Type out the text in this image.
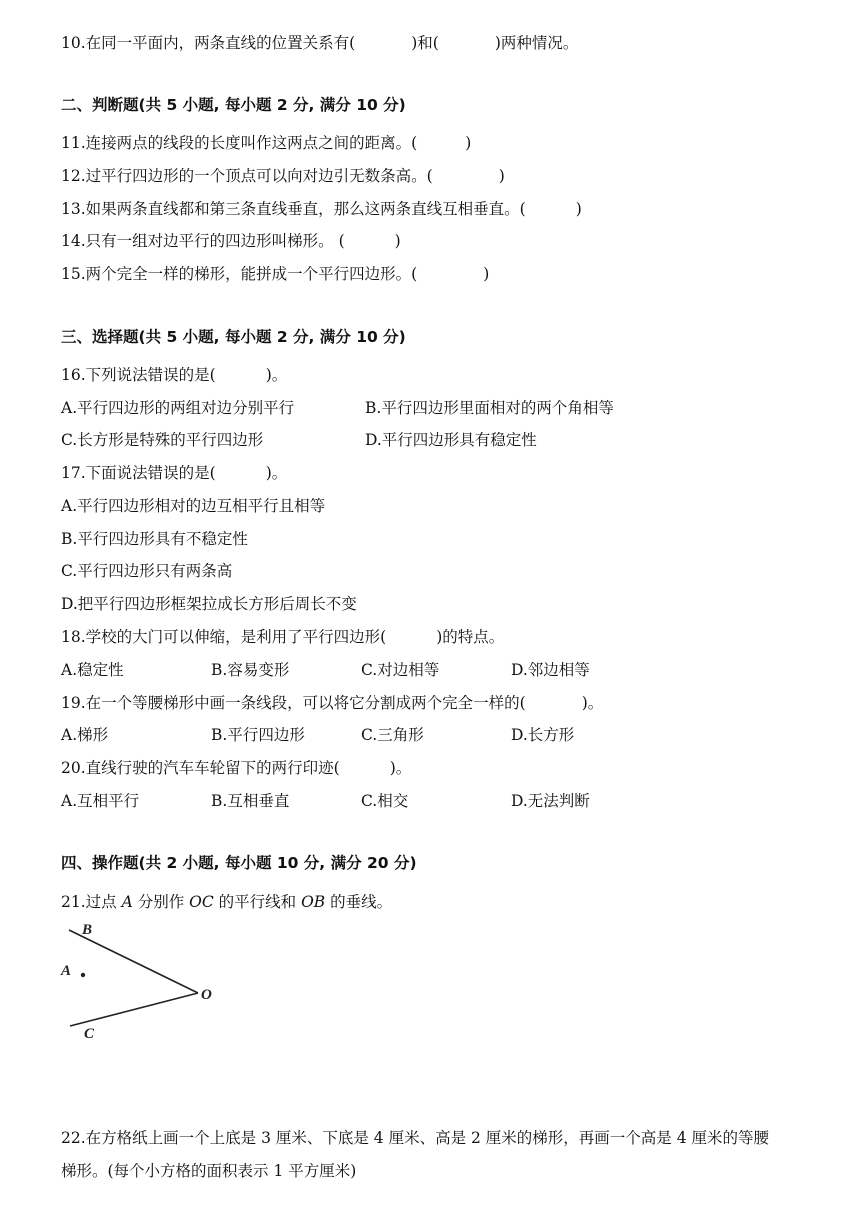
10.在同一平面内，两条直线的位置关系有(	)和(	)两种情况。
二、判断题(共 5 小题, 每小题 2 分, 满分 10 分)
11.连接两点的线段的长度叫作这两点之间的距离。(	)
12.过平行四边形的一个顶点可以向对边引无数条高。(	)
13.如果两条直线都和第三条直线垂直，那么这两条直线互相垂直。(	)
14.只有一组对边平行的四边形叫梯形。 (	)
15.两个完全一样的梯形，能拼成一个平行四边形。(	)
三、选择题(共 5 小题, 每小题 2 分, 满分 10 分)
16.下列说法错误的是(	)。
A.平行四边形的两组对边分别平行	B.平行四边形里面相对的两个角相等
C.长方形是特殊的平行四边形	D.平行四边形具有稳定性
17.下面说法错误的是(	)。
A.平行四边形相对的边互相平行且相等
B.平行四边形具有不稳定性
C.平行四边形只有两条高
D.把平行四边形框架拉成长方形后周长不变
18.学校的大门可以伸缩，是利用了平行四边形(	)的特点。
A.稳定性	B.容易变形	C.对边相等	D.邻边相等
19.在一个等腰梯形中画一条线段，可以将它分割成两个完全一样的(	)。
A.梯形	B.平行四边形	C.三角形	D.长方形
20.直线行驶的汽车车轮留下的两行印迹(	)。
A.互相平行	B.互相垂直	C.相交	D.无法判断
四、操作题(共 2 小题, 每小题 10 分, 满分 20 分)
21.过点 A 分别作 OC 的平行线和 OB 的垂线。
B
A
O
C
22.在方格纸上画一个上底是 3 厘米、下底是 4 厘米、高是 2 厘米的梯形，再画一个高是 4 厘米的等腰
梯形。(每个小方格的面积表示 1 平方厘米)
